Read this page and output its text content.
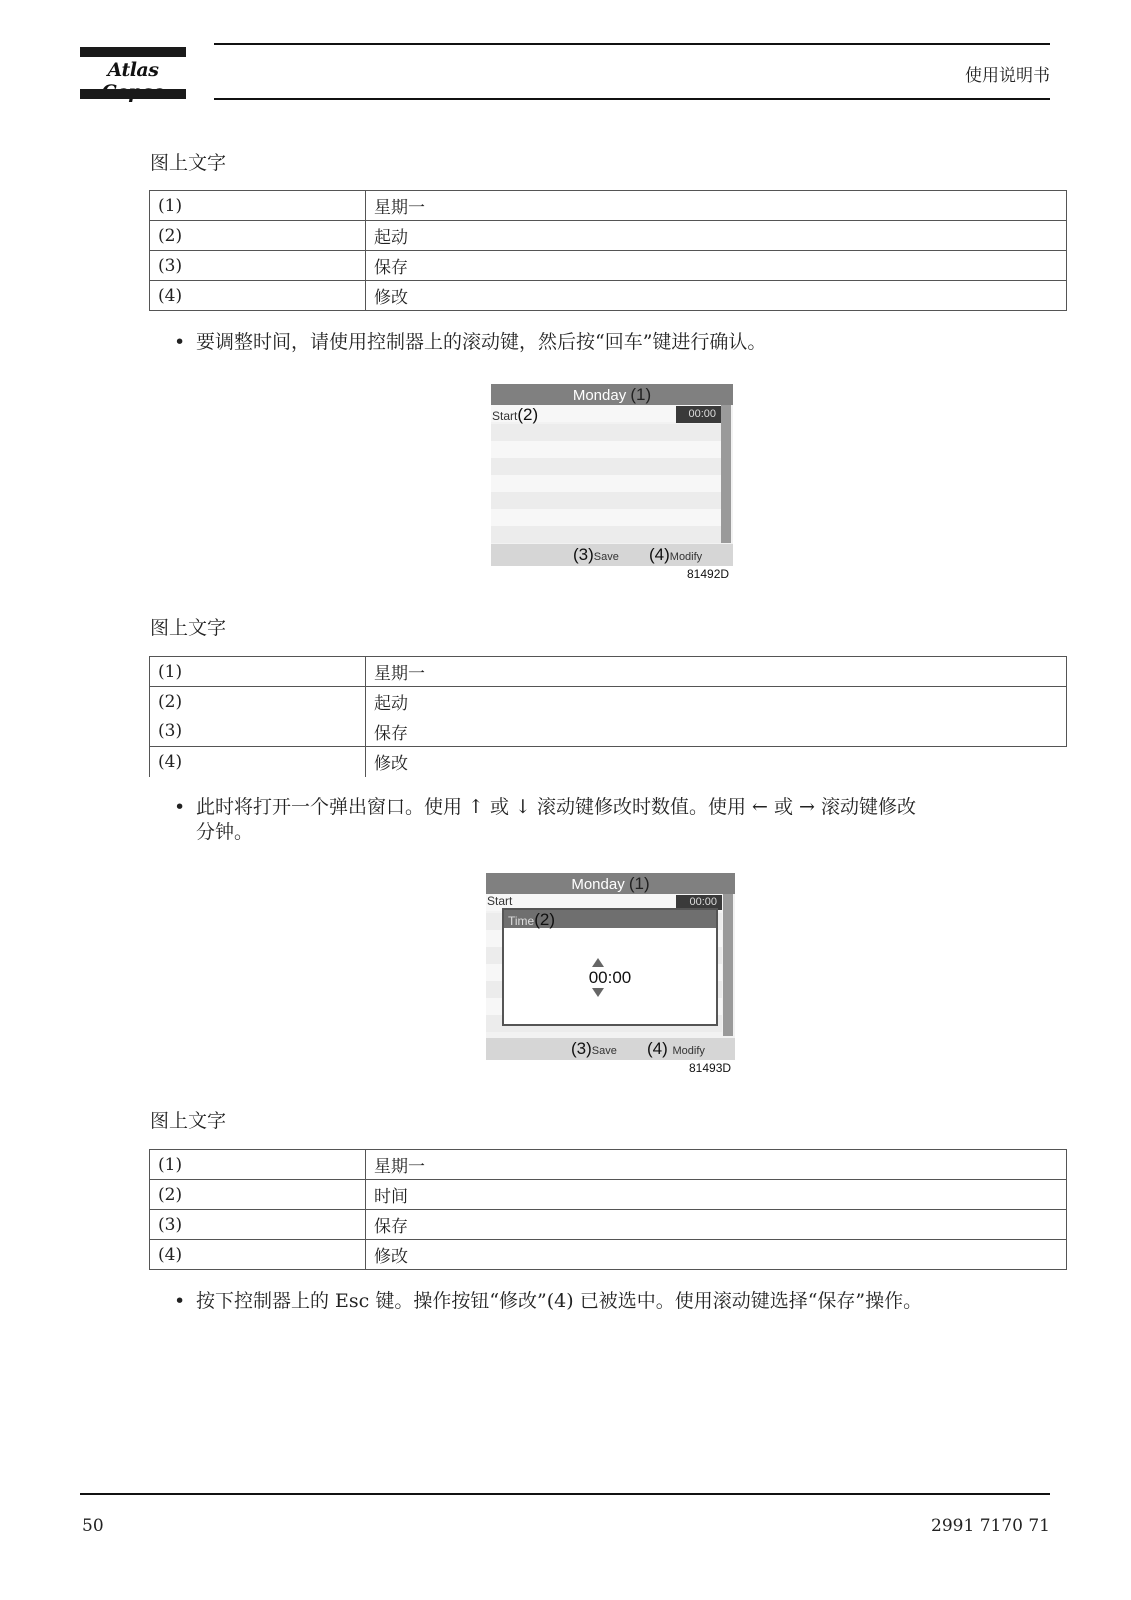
Atlas	使用说明书
图上文字
(1)	星期一
(2)	起动
(3)	保存
(4)	修改
• 要调整时间，请使用控制器上的滚动键，然后按“回车”键进行确认。
Monday (1)
Start(2)	00:00
(3)Save (4)Modify
81492D
图上文字
(1)	星期一
(2)	起动
(3)	保存
(4)	修改
• 此时将打开一个弹出窗口。使用 ↑ 或 ↓ 滚动键修改时数值。使用 ← 或 → 滚动键修改
分钟。
Monday (1)
Start	00:00
Time(2)
00:00
(3)Save (4) Modify
81493D
图上文字
(1)	星期一
(2)	时间
(3)	保存
(4)	修改
• 按下控制器上的 Esc 键。操作按钮“修改”(4) 已被选中。使用滚动键选择“保存”操作。
50	2991 7170 71
